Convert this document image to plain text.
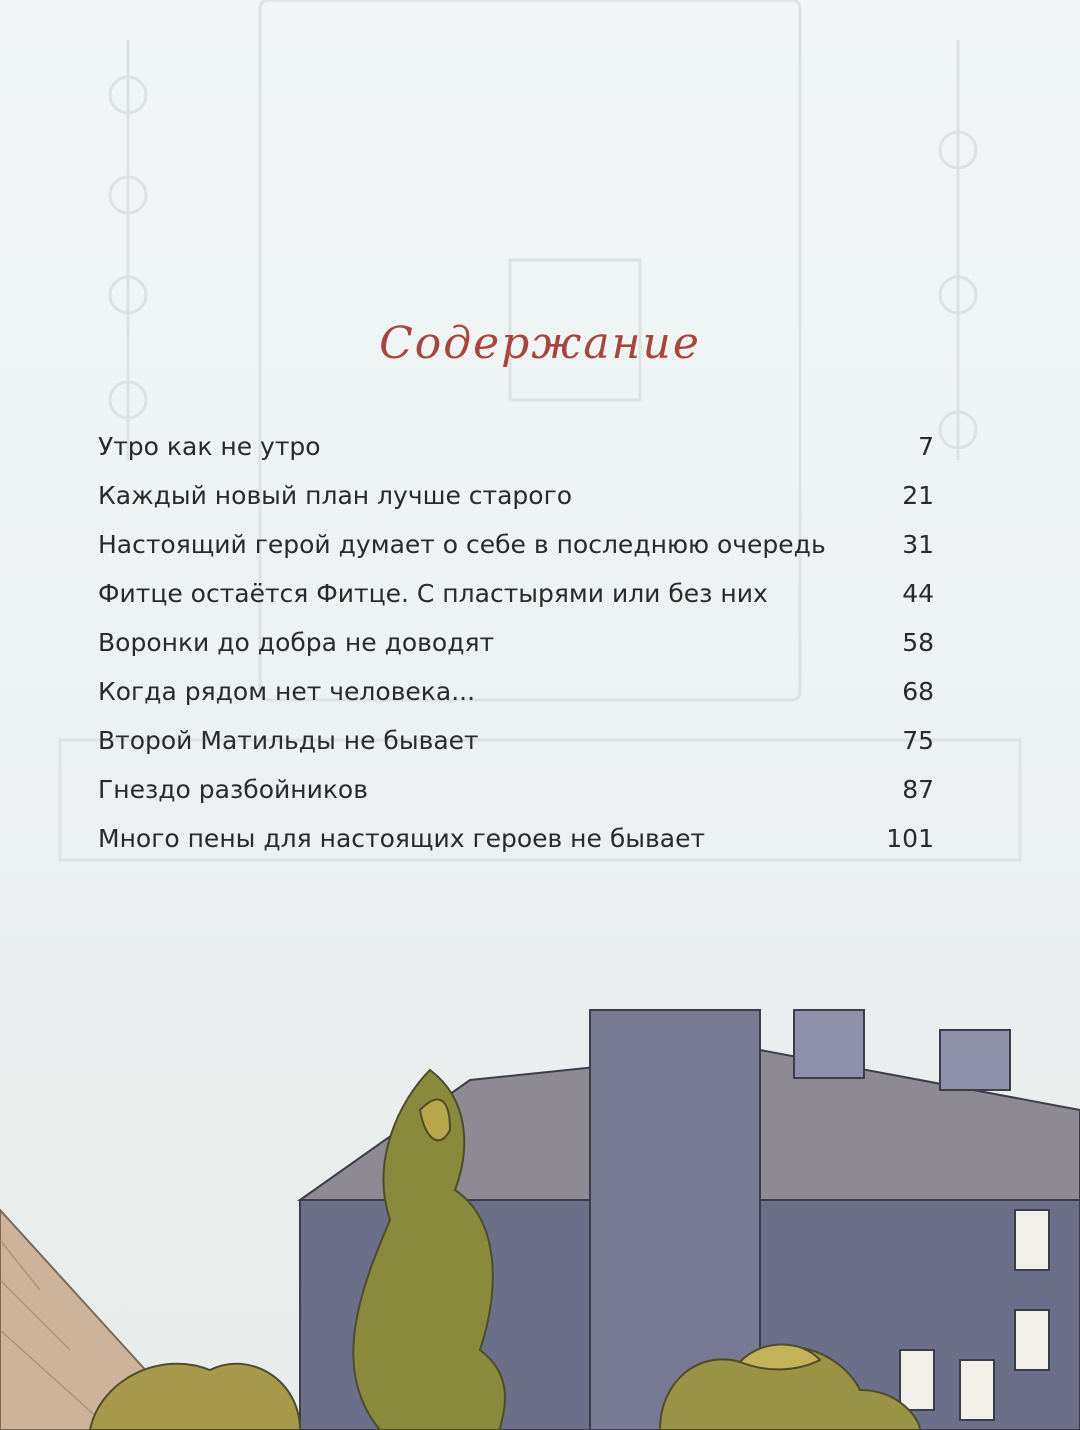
Содержание
Утро как не утро	7
Каждый новый план лучше старого	21
Настоящий герой думает о себе в последнюю очередь	31
Фитце остаётся Фитце. С пластырями или без них	44
Воронки до добра не доводят	58
Когда рядом нет человека...	68
Второй Матильды не бывает	75
Гнездо разбойников	87
Много пены для настоящих героев не бывает	101
